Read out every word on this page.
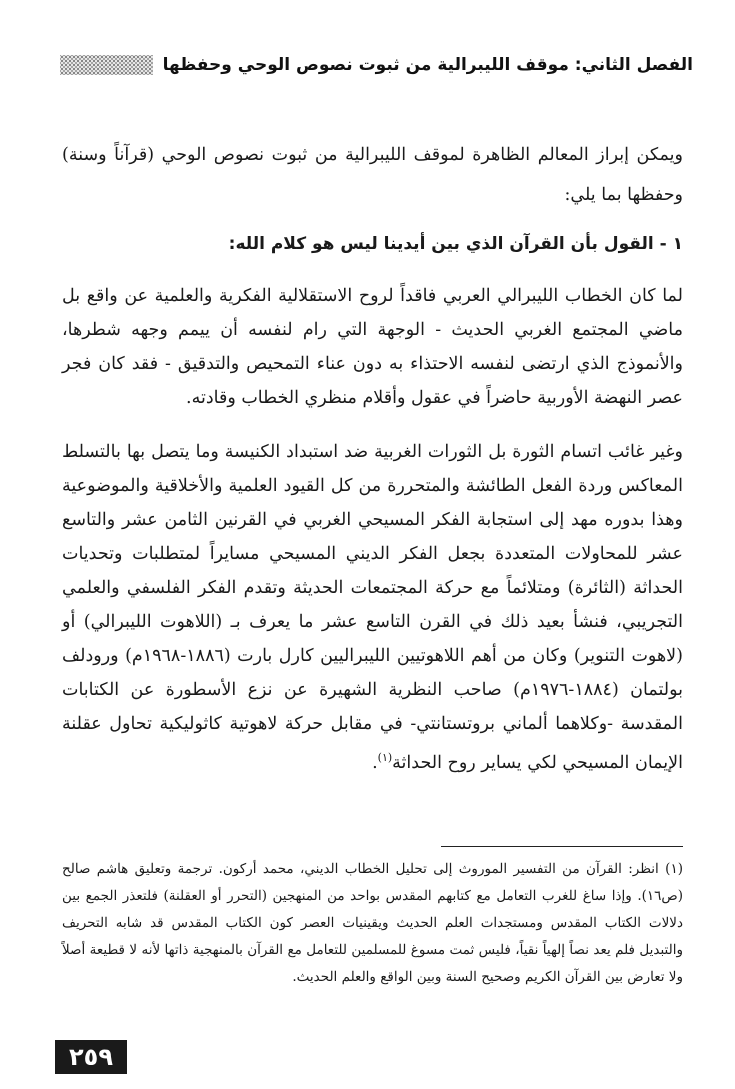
الفصل الثاني: موقف الليبرالية من ثبوت نصوص الوحي وحفظها

ويمكن إبراز المعالم الظاهرة لموقف الليبرالية من ثبوت نصوص الوحي (قرآناً وسنة) وحفظها بما يلي:

١ - القول بأن القرآن الذي بين أيدينا ليس هو كلام الله:

لما كان الخطاب الليبرالي العربي فاقداً لروح الاستقلالية الفكرية والعلمية عن واقع بل ماضي المجتمع الغربي الحديث - الوجهة التي رام لنفسه أن ييمم وجهه شطرها، والأنموذج الذي ارتضى لنفسه الاحتذاء به دون عناء التمحيص والتدقيق - فقد كان فجر عصر النهضة الأوربية حاضراً في عقول وأقلام منظري الخطاب وقادته.

وغير غائب اتسام الثورة بل الثورات الغربية ضد استبداد الكنيسة وما يتصل بها بالتسلط المعاكس وردة الفعل الطائشة والمتحررة من كل القيود العلمية والأخلاقية والموضوعية وهذا بدوره مهد إلى استجابة الفكر المسيحي الغربي في القرنين الثامن عشر والتاسع عشر للمحاولات المتعددة بجعل الفكر الديني المسيحي مسايراً لمتطلبات وتحديات الحداثة (الثائرة) ومتلائماً مع حركة المجتمعات الحديثة وتقدم الفكر الفلسفي والعلمي التجريبي، فنشأ بعيد ذلك في القرن التاسع عشر ما يعرف بـ (اللاهوت الليبرالي) أو (لاهوت التنوير) وكان من أهم اللاهوتيين الليبراليين كارل بارت (١٨٨٦-١٩٦٨م) ورودلف بولتمان (١٨٨٤-١٩٧٦م) صاحب النظرية الشهيرة عن نزع الأسطورة عن الكتابات المقدسة -وكلاهما ألماني بروتستانتي- في مقابل حركة لاهوتية كاثوليكية تحاول عقلنة الإيمان المسيحي لكي يساير روح الحداثة$^{(١)}$.

(١) انظر: القرآن من التفسير الموروث إلى تحليل الخطاب الديني، محمد أركون. ترجمة وتعليق هاشم صالح (ص١٦). وإذا ساغ للغرب التعامل مع كتابهم المقدس بواحد من المنهجين (التحرر أو العقلنة) فلتعذر الجمع بين دلالات الكتاب المقدس ومستجدات العلم الحديث ويقينيات العصر كون الكتاب المقدس قد شابه التحريف والتبديل فلم يعد نصاً إلهياً نقياً، فليس ثمت مسوغ للمسلمين للتعامل مع القرآن بالمنهجية ذاتها لأنه لا قطيعة أصلاً ولا تعارض بين القرآن الكريم وصحيح السنة وبين الواقع والعلم الحديث.

٢٥٩
